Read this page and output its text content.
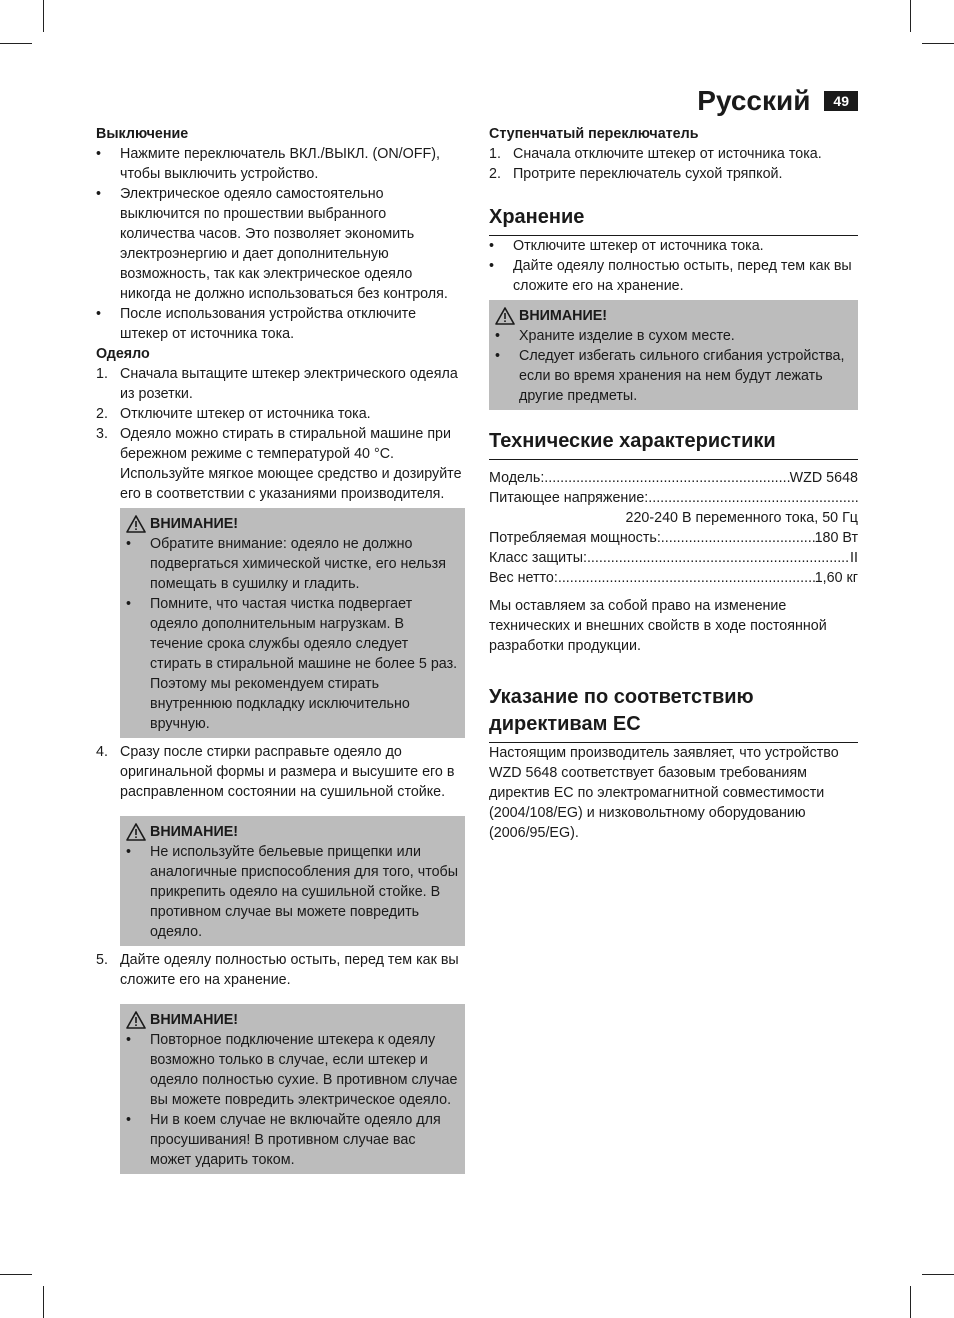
Русский	49

Выключение

• Нажмите переключатель ВКЛ./ВЫКЛ. (ON/OFF), чтобы выключить устройство.
• Электрическое одеяло самостоятельно выключится по прошествии выбранного количества часов. Это позволяет экономить электроэнергию и дает дополнительную возможность, так как электрическое одеяло никогда не должно использоваться без контроля.
• После использования устройства отключите штекер от источника тока.

Одеяло

1. Сначала вытащите штекер электрического одеяла из розетки.
2. Отключите штекер от источника тока.
3. Одеяло можно стирать в стиральной машине при бережном режиме с температурой 40 °C. Используйте мягкое моющее средство и дозируйте его в соответствии с указаниями производителя.
ВНИМАНИЕ!
• Обратите внимание: одеяло не должно подвергаться химической чистке, его нельзя помещать в сушилку и гладить.
• Помните, что частая чистка подвергает одеяло дополнительным нагрузкам. В течение срока службы одеяло следует стирать в стиральной машине не более 5 раз. Поэтому мы рекомендуем стирать внутреннюю подкладку исключительно вручную.
4. Сразу после стирки расправьте одеяло до оригинальной формы и размера и высушите его в расправленном состоянии на сушильной стойке.
ВНИМАНИЕ!
• Не используйте бельевые прищепки или аналогичные приспособления для того, чтобы прикрепить одеяло на сушильной стойке. В противном случае вы можете повредить одеяло.
5. Дайте одеялу полностью остыть, перед тем как вы сложите его на хранение.
ВНИМАНИЕ!
• Повторное подключение штекера к одеялу возможно только в случае, если штекер и одеяло полностью сухие. В противном случае вы можете повредить электрическое одеяло.
• Ни в коем случае не включайте одеяло для просушивания! В противном случае вас может ударить током.

Ступенчатый переключатель

1. Сначала отключите штекер от источника тока.
2. Протрите переключатель сухой тряпкой.
Хранение
• Отключите штекер от источника тока.
• Дайте одеялу полностью остыть, перед тем как вы сложите его на хранение.
ВНИМАНИЕ!
• Храните изделие в сухом месте.
• Следует избегать сильного сгибания устройства, если во время хранения на нем будут лежать другие предметы.
Технические характеристики
Модель: .....	WZD 5648
Питающее напряжение:
.....
220-240 В переменного тока, 50 Гц
Потребляемая мощность: .....	180 Вт
Класс защиты: .....	II
Вес нетто: .....	1,60 кг

Мы оставляем за собой право на изменение технических и внешних свойств в ходе постоянной разработки продукции.

Указание по соответствию
директивам ЕС

Настоящим производитель заявляет, что устройство WZD 5648 соответствует базовым требованиям директив ЕС по электромагнитной совместимости (2004/108/EG) и низковольтному оборудованию (2006/95/EG).
